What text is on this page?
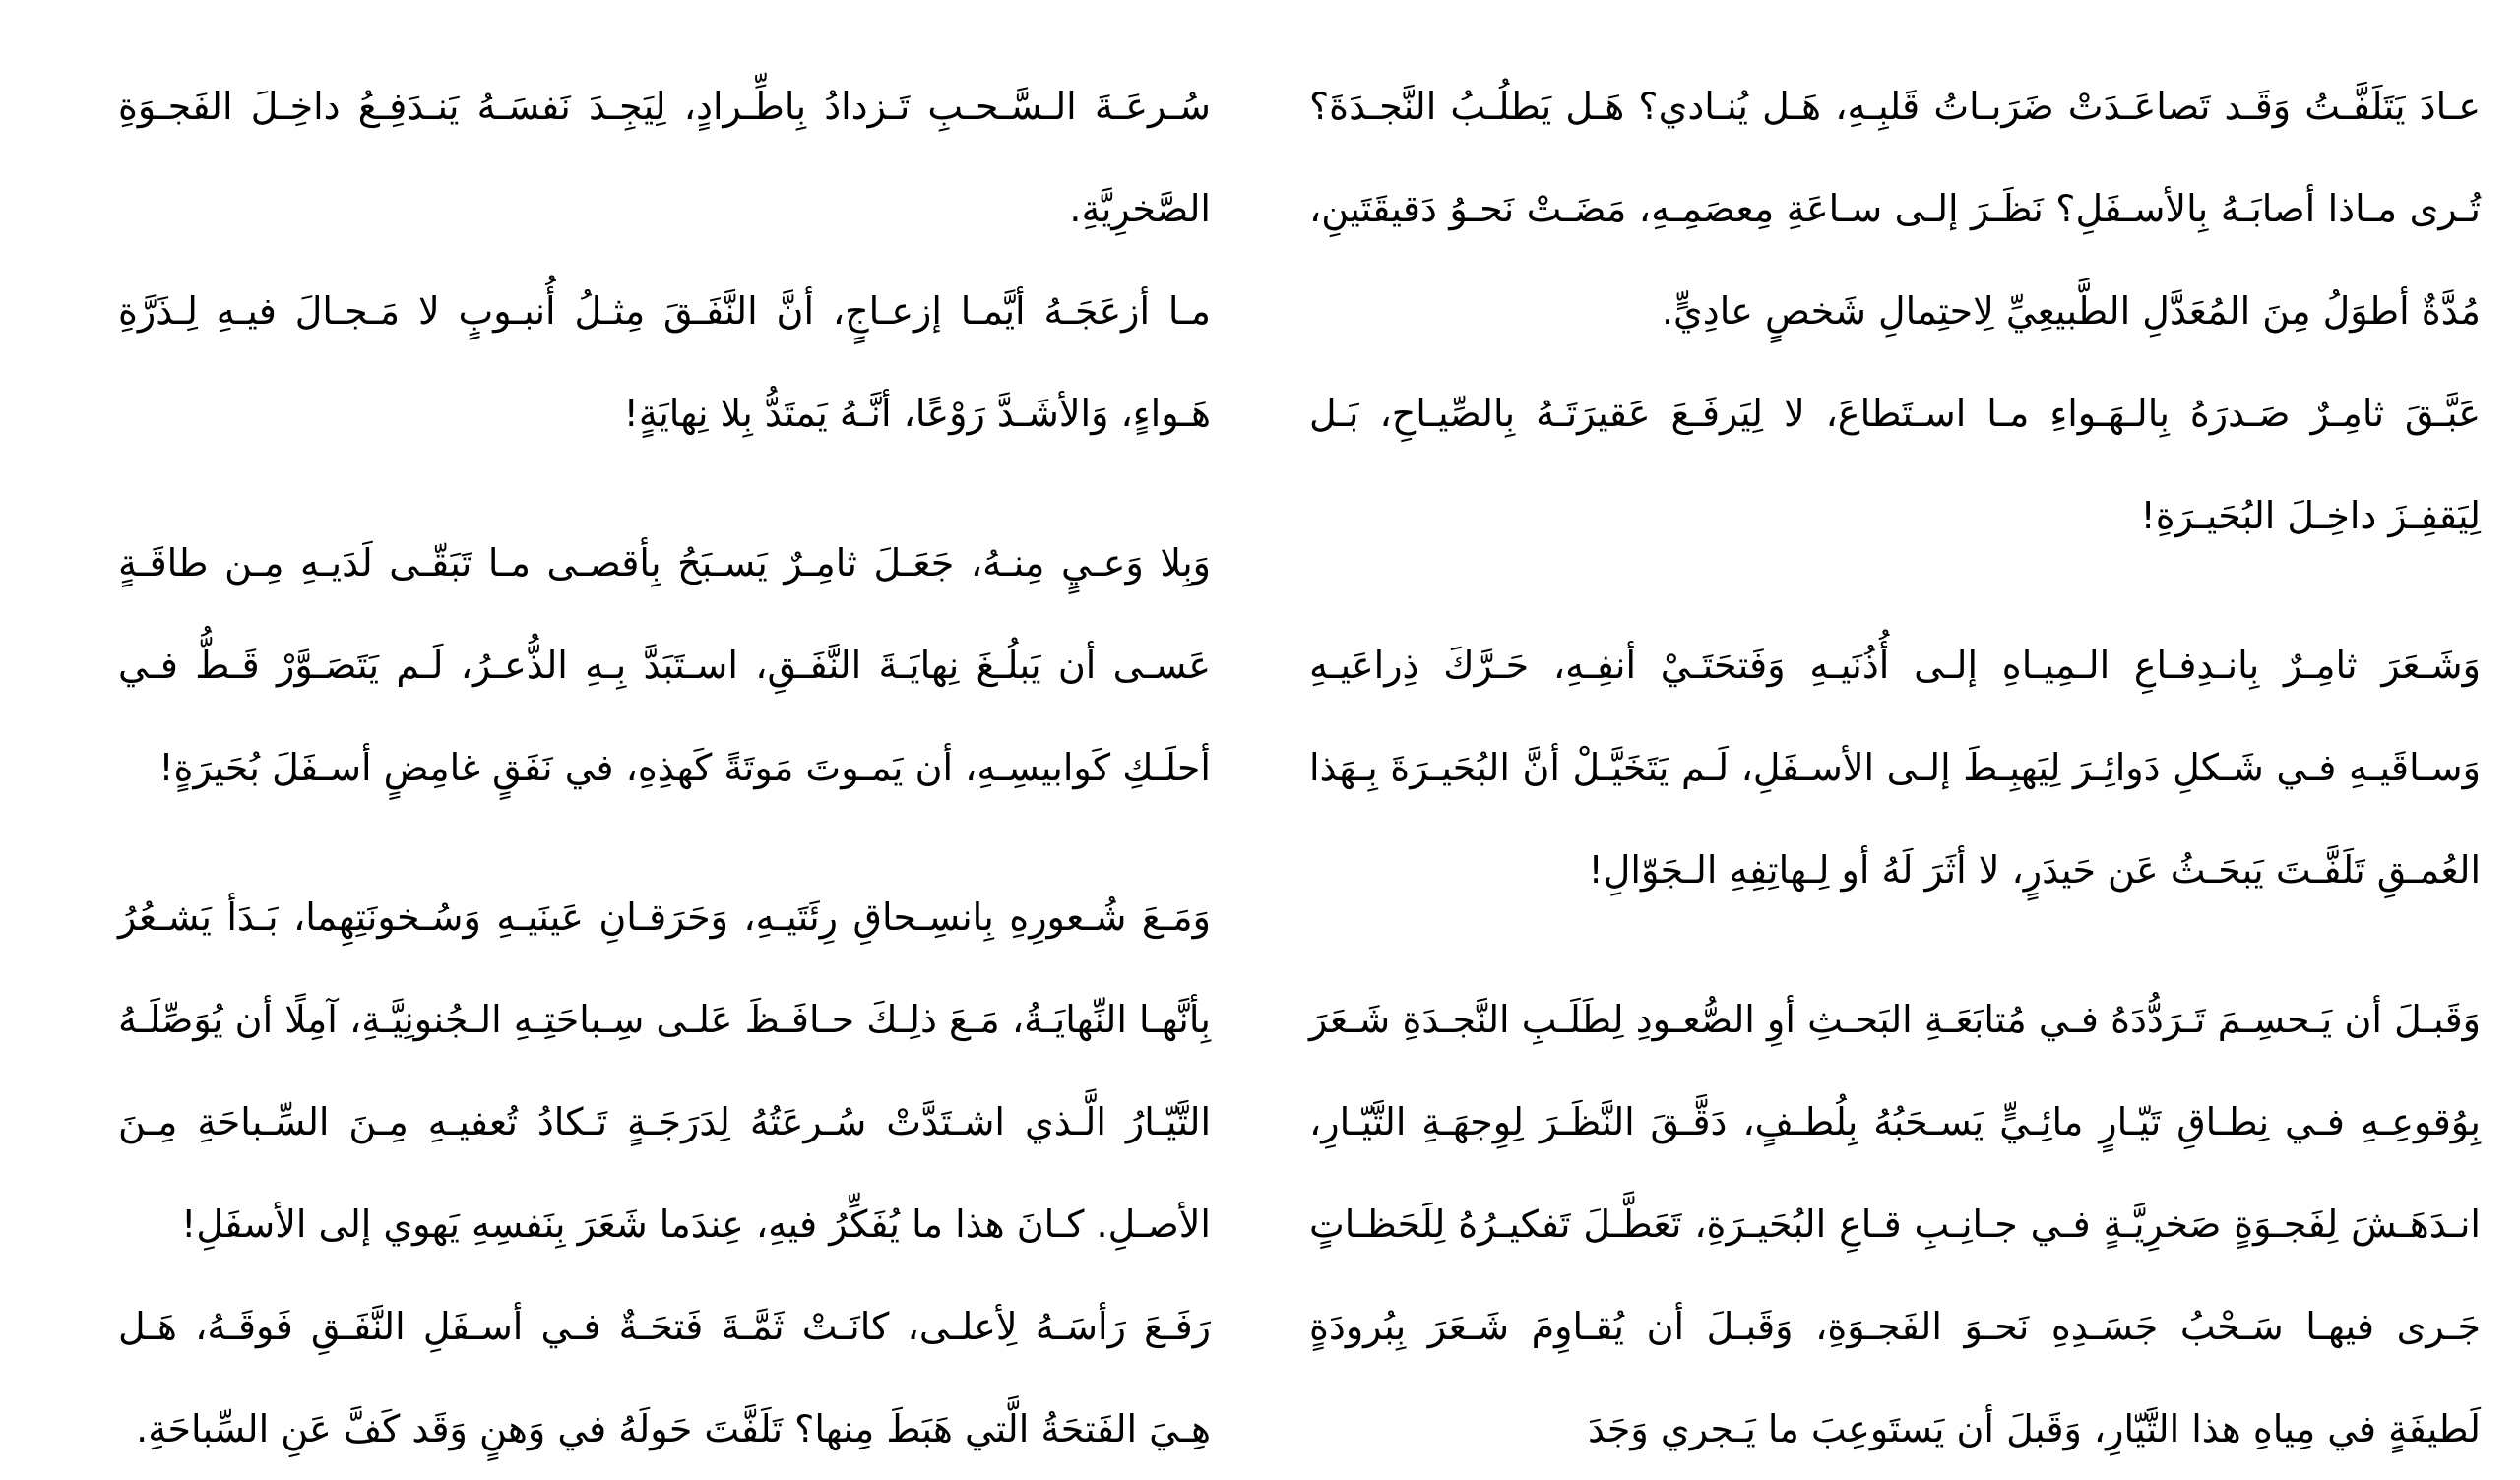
عـادَ يَتَلَفَّـتُ وَقَـد تَصاعَـدَتْ ضَرَبـاتُ قَلبِـهِ، هَـل يُنـادي؟ هَـل يَطلُـبُ النَّجـدَةَ؟ تُـرى مـاذا أصابَـهُ بِالأسـفَلِ؟ نَظَـرَ إلـى سـاعَةِ مِعصَمِـهِ، مَضَـتْ نَحـوُ دَقيقَتَينِ، مُدَّةٌ أطوَلُ مِنَ المُعَدَّلِ الطَّبيعِيِّ لِاحتِمالِ شَخصٍ عادِيٍّ.

عَبَّـقَ ثامِـرٌ صَـدرَهُ بِالـهَـواءِ مـا اسـتَطاعَ، لا لِيَرفَـعَ عَقيرَتَـهُ بِالصِّيـاحِ، بَـل لِيَقفِـزَ داخِـلَ البُحَيـرَةِ!

وَشَـعَرَ ثامِـرٌ بِانـدِفـاعِ الـمِيـاهِ إلـى أُذُنَيـهِ وَفَتحَتَـيْ أنفِـهِ، حَـرَّكَ ذِراعَيـهِ وَسـاقَيـهِ فـي شَـكلِ دَوائِـرَ لِيَهبِـطَ إلـى الأسـفَلِ، لَـم يَتَخَيَّـلْ أنَّ البُحَيـرَةَ بِـهَذا العُمـقِ تَلَفَّـتَ يَبحَـثُ عَن حَيدَرٍ، لا أثَرَ لَهُ أو لِـهاتِفِهِ الـجَوّالِ!

وَقَبـلَ أن يَـحسِـمَ تَـرَدُّدَهُ فـي مُتابَعَـةِ البَحـثِ أوِ الصُّعـودِ لِطَلَـبِ النَّجـدَةِ شَـعَرَ بِوُقوعِـهِ فـي نِطـاقِ تَيّـارٍ مائِـيٍّ يَسـحَبُهُ بِلُطـفٍ، دَقَّـقَ النَّظَـرَ لِوِجهَـةِ التَّيّـارِ، انـدَهَـشَ لِفَجـوَةٍ صَخرِيَّـةٍ فـي جـانِـبِ قـاعِ البُحَيـرَةِ، تَعَطَّـلَ تَفكيـرُهُ لِلَحَظـاتٍ جَـرى فيهـا سَـحْبُ جَسَـدِهِ نَحـوَ الفَجـوَةِ، وَقَبـلَ أن يُقـاوِمَ شَـعَرَ بِبُرودَةٍ لَطيفَةٍ في مِياهِ هذا التَّيّارِ، وَقَبلَ أن يَستَوعِبَ ما يَـجري وَجَدَ

سُـرعَـةَ الـسَّـحـبِ تَـزدادُ بِاطِّـرادٍ، لِيَجِـدَ نَفسَـهُ يَنـدَفِـعُ داخِـلَ الفَجـوَةِ الصَّخرِيَّةِ.

مـا أزعَجَـهُ أيَّمـا إزعـاجٍ، أنَّ النَّفَـقَ مِثـلُ أُنبـوبٍ لا مَـجـالَ فيـهِ لِـذَرَّةِ هَـواءٍ، وَالأشَـدَّ رَوْعًا، أنَّـهُ يَمتَدُّ بِلا نِهايَةٍ!

وَبِلا وَعـيٍ مِنـهُ، جَعَـلَ ثامِـرٌ يَسـبَحُ بِأقصـى مـا تَبَقّـى لَدَيـهِ مِـن طاقَـةٍ عَسـى أن يَبلُـغَ نِهايَـةَ النَّفَـقِ، اسـتَبَدَّ بِـهِ الذُّعـرُ، لَـم يَتَصَـوَّرْ قَـطُّ فـي أحلَـكِ كَوابيسِـهِ، أن يَمـوتَ مَوتَةً كَهذِهِ، في نَفَقٍ غامِضٍ أسـفَلَ بُحَيرَةٍ!

وَمَـعَ شُـعورِهِ بِانسِـحاقِ رِئَتَيـهِ، وَحَرَقـانِ عَينَيـهِ وَسُـخونَتِهِما، بَـدَأ يَشـعُرُ بِأنَّهـا النِّهايَـةُ، مَـعَ ذلِـكَ حـافَـظَ عَلـى سِـباحَتِـهِ الـجُنونِيَّـةِ، آمِلًا أن يُوَصِّلَـهُ التَّيّـارُ الَّـذي اشـتَدَّتْ سُـرعَتُهُ لِدَرَجَـةٍ تَـكادُ تُعفيـهِ مِـنَ السِّـباحَةِ مِـنَ الأصـلِ. كـانَ هذا ما يُفَكِّرُ فيهِ، عِندَما شَعَرَ بِنَفسِهِ يَهوي إلى الأسفَلِ!

رَفَـعَ رَأسَـهُ لِأعلـى، كانَـتْ ثَمَّـةَ فَتحَـةٌ فـي أسـفَلِ النَّفَـقِ فَوقَـهُ، هَـل هِـيَ الفَتحَةُ الَّتي هَبَطَ مِنها؟ تَلَفَّتَ حَولَهُ في وَهنٍ وَقَد كَفَّ عَنِ السِّباحَةِ.
